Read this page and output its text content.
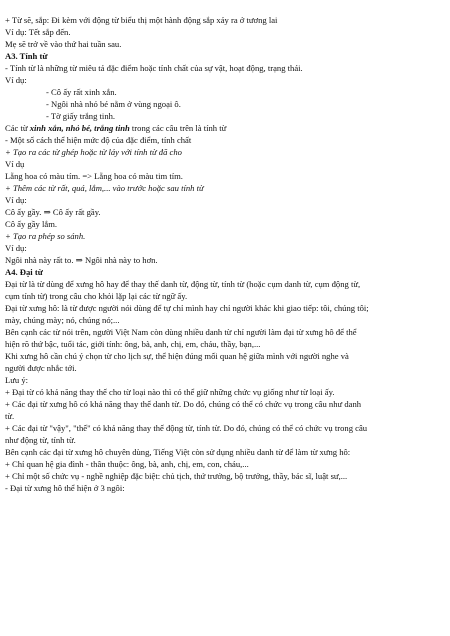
+ Từ sẽ, sắp: Đi kèm với động từ biểu thị một hành động sắp xảy ra ở tương lai
Ví dụ: Tết sắp đến.
Mẹ sẽ trở về vào thứ hai tuần sau.
A3. Tính từ
- Tính từ là những từ miêu tả đặc điểm hoặc tính chất của sự vật, hoạt động, trạng thái.
Ví dụ:
- Cô ấy rất xinh xắn.
- Ngôi nhà nhỏ bé nằm ở vùng ngoại ô.
- Tờ giấy trắng tinh.
Các từ xinh xắn, nhỏ bé, trắng tinh trong các câu trên là tính từ
- Một số cách thể hiện mức độ của đặc điểm, tính chất
+ Tạo ra các từ ghép hoặc từ láy với tính từ đã cho
Ví dụ
Lẵng hoa có màu tím. => Lẵng hoa có màu tim tím.
+ Thêm các từ rất, quá, lắm,... vào trước hoặc sau tính từ
Ví dụ:
Cô ấy gầy. ⇒ Cô ấy rất gầy.
Cô ấy gầy lắm.
+ Tạo ra phép so sánh.
Ví dụ:
Ngôi nhà này rất to. ⇒ Ngôi nhà này to hơn.
A4. Đại từ
Đại từ là từ dùng để xưng hô hay để thay thế danh từ, động từ, tính từ (hoặc cụm danh từ, cụm động từ,
cụm tính từ) trong câu cho khỏi lặp lại các từ ngữ ấy.
Đại từ xưng hô: là từ được người nói dùng để tự chỉ mình hay chỉ người khác khi giao tiếp: tôi, chúng tôi;
mày, chúng mày; nó, chúng nó;...
Bên cạnh các từ nói trên, người Việt Nam còn dùng nhiều danh từ chỉ người làm đại từ xưng hô để thể
hiện rõ thứ bậc, tuổi tác, giới tính: ông, bà, anh, chị, em, cháu, thầy, bạn,...
Khi xưng hô cần chú ý chọn từ cho lịch sự, thể hiện đúng mối quan hệ giữa mình với người nghe và
người được nhắc tới.
Lưu ý:
+ Đại từ có khả năng thay thế cho từ loại nào thì có thể giữ những chức vụ giống như từ loại ấy.
+ Các đại từ xưng hô có khả năng thay thế danh từ. Do đó, chúng có thể có chức vụ trong câu như danh
từ.
+ Các đại từ "vậy", "thế" có khả năng thay thế động từ, tính từ. Do đó, chúng có thể có chức vụ trong câu
như động từ, tính từ.
Bên cạnh các đại từ xưng hô chuyên dùng, Tiếng Việt còn sử dụng nhiều danh từ để làm từ xưng hô:
+ Chỉ quan hệ gia đình - thân thuộc: ông, bà, anh, chị, em, con, cháu,...
+ Chỉ một số chức vụ - nghề nghiệp đặc biệt: chủ tịch, thứ trưởng, bộ trưởng, thầy, bác sĩ, luật sư,...
- Đại từ xưng hô thể hiện ở 3 ngôi:
